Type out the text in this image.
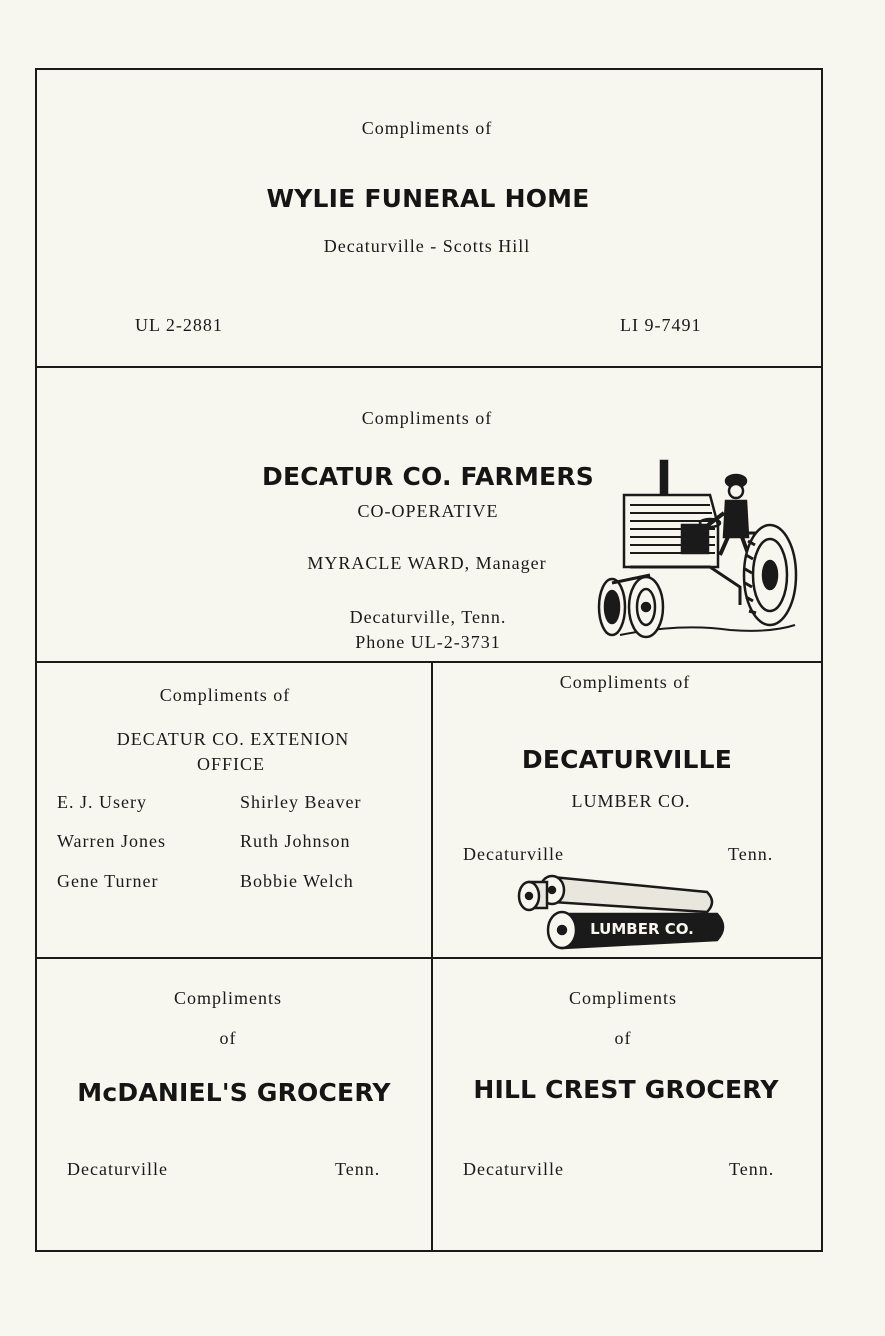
Compliments of
WYLIE FUNERAL HOME
Decaturville - Scotts Hill
UL 2-2881	LI 9-7491
Compliments of
DECATUR CO. FARMERS
CO-OPERATIVE
MYRACLE WARD, Manager
Decaturville, Tenn.
Phone UL-2-3731
Compliments of
DECATUR CO. EXTENION
OFFICE
E. J. Usery	Shirley Beaver
Warren Jones	Ruth Johnson
Gene Turner	Bobbie Welch
Compliments of
DECATURVILLE
LUMBER CO.
Decaturville	Tenn.
LUMBER CO.
Compliments
of
McDANIEL'S GROCERY
Decaturville	Tenn.
Compliments
of
HILL CREST GROCERY
Decaturville	Tenn.
